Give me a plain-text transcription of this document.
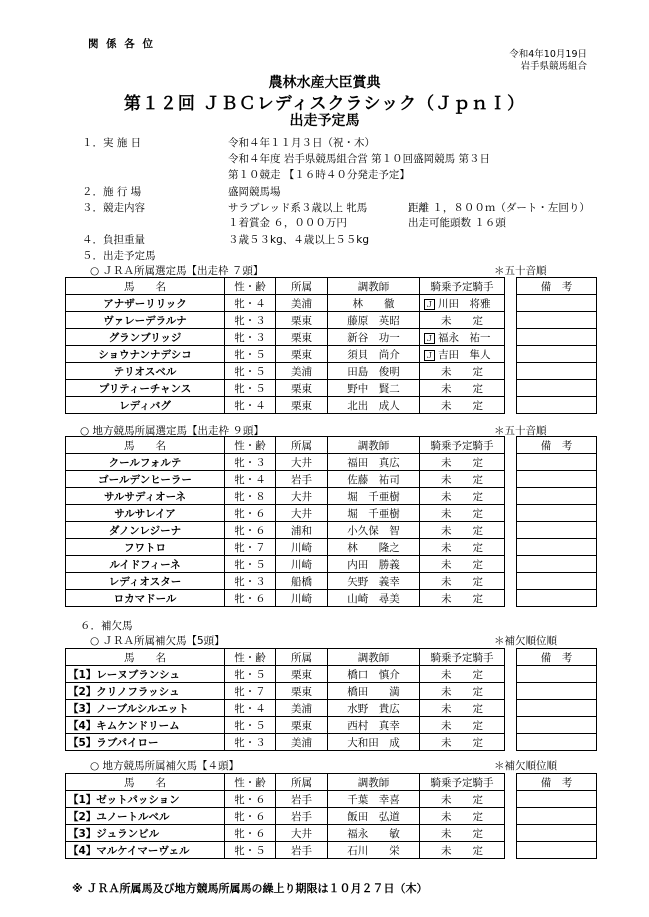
関 係 各 位
令和4年10月19日
岩手県競馬組合
農林水産大臣賞典
第１２回 ＪＢＣレディスクラシック（ＪｐｎＩ）
出走予定馬
１．実 施 日	令和４年１１月３日（祝・木）
令和４年度 岩手県競馬組合営 第１０回盛岡競馬 第３日
第１０競走 【１６時４０分発走予定】
２．施 行 場	盛岡競馬場
３．競走内容	サラブレッド系３歳以上 牝馬	距離 １，８００ｍ（ダート・左回り）
１着賞金 ６，０００万円	出走可能頭数 １６頭
４．負担重量	３歳５３kg、４歳以上５５kg
５．出走予定馬
○ ＪＲＡ所属選定馬【出走枠 ７頭】	＊五十音順
馬　　名	性・齢	所属	調教師	騎乗予定騎手		備　考
アナザーリリック	牝・４	美浦	林　　徹	Ｊ 川田　将雅		
ヴァレーデラルナ	牝・３	栗東	藤原　英昭	未　　定		
グランブリッジ	牝・３	栗東	新谷　功一	Ｊ 福永　祐一		
ショウナンナデシコ	牝・５	栗東	須貝　尚介	Ｊ 吉田　隼人		
テリオスベル	牝・５	美浦	田島　俊明	未　　定		
プリティーチャンス	牝・５	栗東	野中　賢二	未　　定		
レディバグ	牝・４	栗東	北出　成人	未　　定		
○ 地方競馬所属選定馬【出走枠 ９頭】	＊五十音順
馬　　名	性・齢	所属	調教師	騎乗予定騎手		備　考
クールフォルテ	牝・３	大井	福田　真広	未　　定		
ゴールデンヒーラー	牝・４	岩手	佐藤　祐司	未　　定		
サルサディオーネ	牝・８	大井	堀　千亜樹	未　　定		
サルサレイア	牝・６	大井	堀　千亜樹	未　　定		
ダノンレジーナ	牝・６	浦和	小久保　智	未　　定		
フワトロ	牝・７	川崎	林　　隆之	未　　定		
ルイドフィーネ	牝・５	川崎	内田　勝義	未　　定		
レディオスター	牝・３	船橋	矢野　義幸	未　　定		
ロカマドール	牝・６	川崎	山崎　尋美	未　　定		
６．補欠馬
○ ＪＲＡ所属補欠馬【5頭】	＊補欠順位順
馬　　名	性・齢	所属	調教師	騎乗予定騎手		備　考
【1】レーヌブランシュ	牝・５	栗東	橋口　慎介	未　　定		
【2】クリノフラッシュ	牝・７	栗東	橋田　　満	未　　定		
【3】ノーブルシルエット	牝・４	美浦	水野　貴広	未　　定		
【4】キムケンドリーム	牝・５	栗東	西村　真幸	未　　定		
【5】ラブパイロー	牝・３	美浦	大和田　成	未　　定		
○ 地方競馬所属補欠馬【４頭】	＊補欠順位順
馬　　名	性・齢	所属	調教師	騎乗予定騎手		備　考
【1】ゼットパッション	牝・６	岩手	千葉　幸喜	未　　定		
【2】ユノートルベル	牝・６	岩手	飯田　弘道	未　　定		
【3】ジュランビル	牝・６	大井	福永　　敏	未　　定		
【4】マルケイマーヴェル	牝・５	岩手	石川　　栄	未　　定		
※ ＪＲＡ所属馬及び地方競馬所属馬の繰上り期限は１０月２７日（木）
